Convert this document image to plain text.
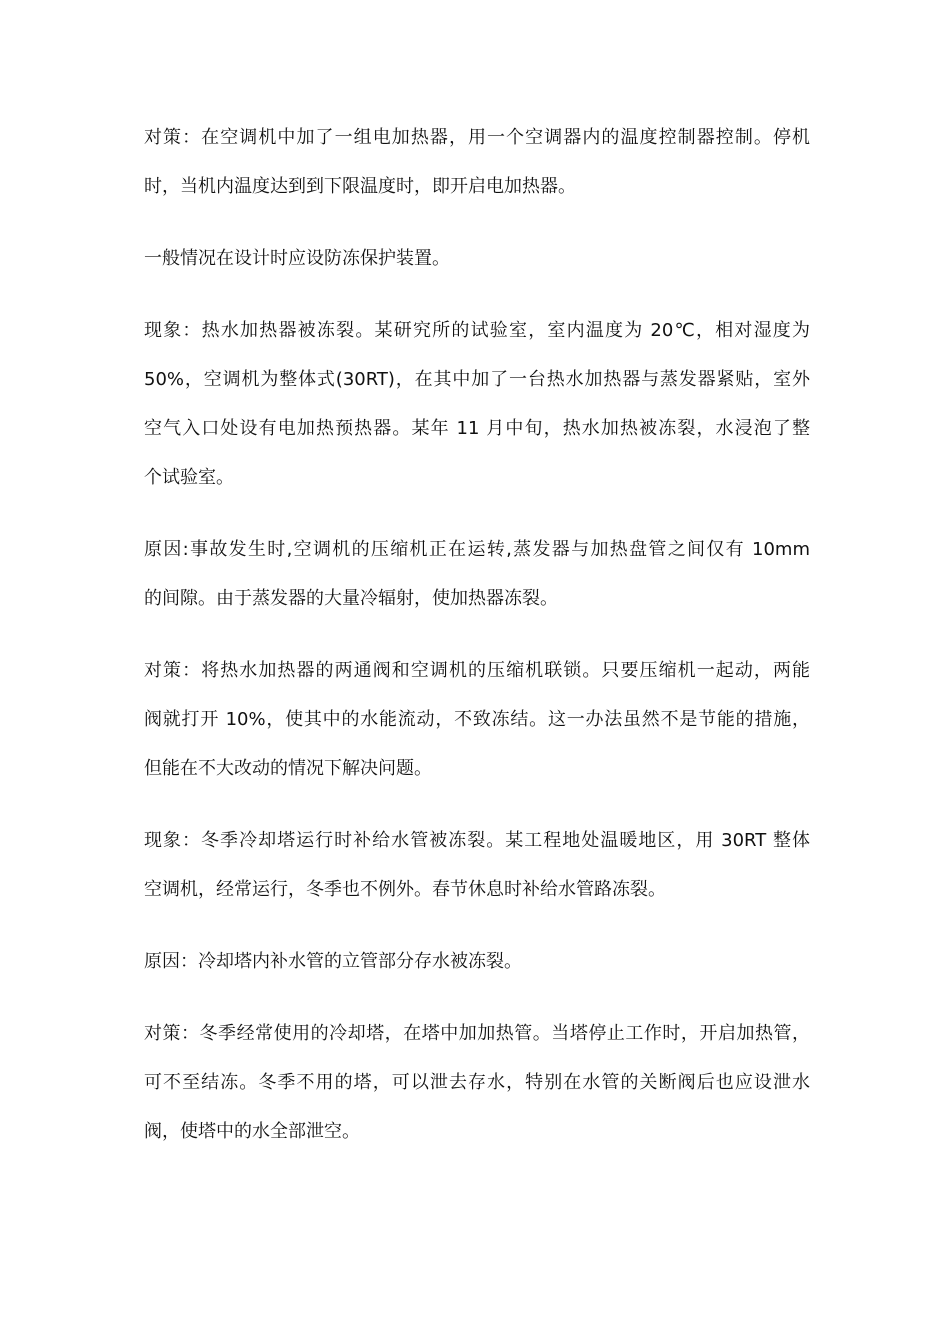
对策：在空调机中加了一组电加热器，用一个空调器内的温度控制器控制。停机
时，当机内温度达到到下限温度时，即开启电加热器。
一般情况在设计时应设防冻保护装置。
现象：热水加热器被冻裂。某研究所的试验室，室内温度为 20℃，相对湿度为
50%，空调机为整体式(30RT)，在其中加了一台热水加热器与蒸发器紧贴，室外
空气入口处设有电加热预热器。某年 11 月中旬，热水加热被冻裂，水浸泡了整
个试验室。
原因:事故发生时,空调机的压缩机正在运转,蒸发器与加热盘管之间仅有 10mm
的间隙。由于蒸发器的大量冷辐射，使加热器冻裂。
对策：将热水加热器的两通阀和空调机的压缩机联锁。只要压缩机一起动，两能
阀就打开 10%，使其中的水能流动，不致冻结。这一办法虽然不是节能的措施，
但能在不大改动的情况下解决问题。
现象：冬季冷却塔运行时补给水管被冻裂。某工程地处温暖地区，用 30RT 整体
空调机，经常运行，冬季也不例外。春节休息时补给水管路冻裂。
原因：冷却塔内补水管的立管部分存水被冻裂。
对策：冬季经常使用的冷却塔，在塔中加加热管。当塔停止工作时，开启加热管，
可不至结冻。冬季不用的塔，可以泄去存水，特别在水管的关断阀后也应设泄水
阀，使塔中的水全部泄空。
